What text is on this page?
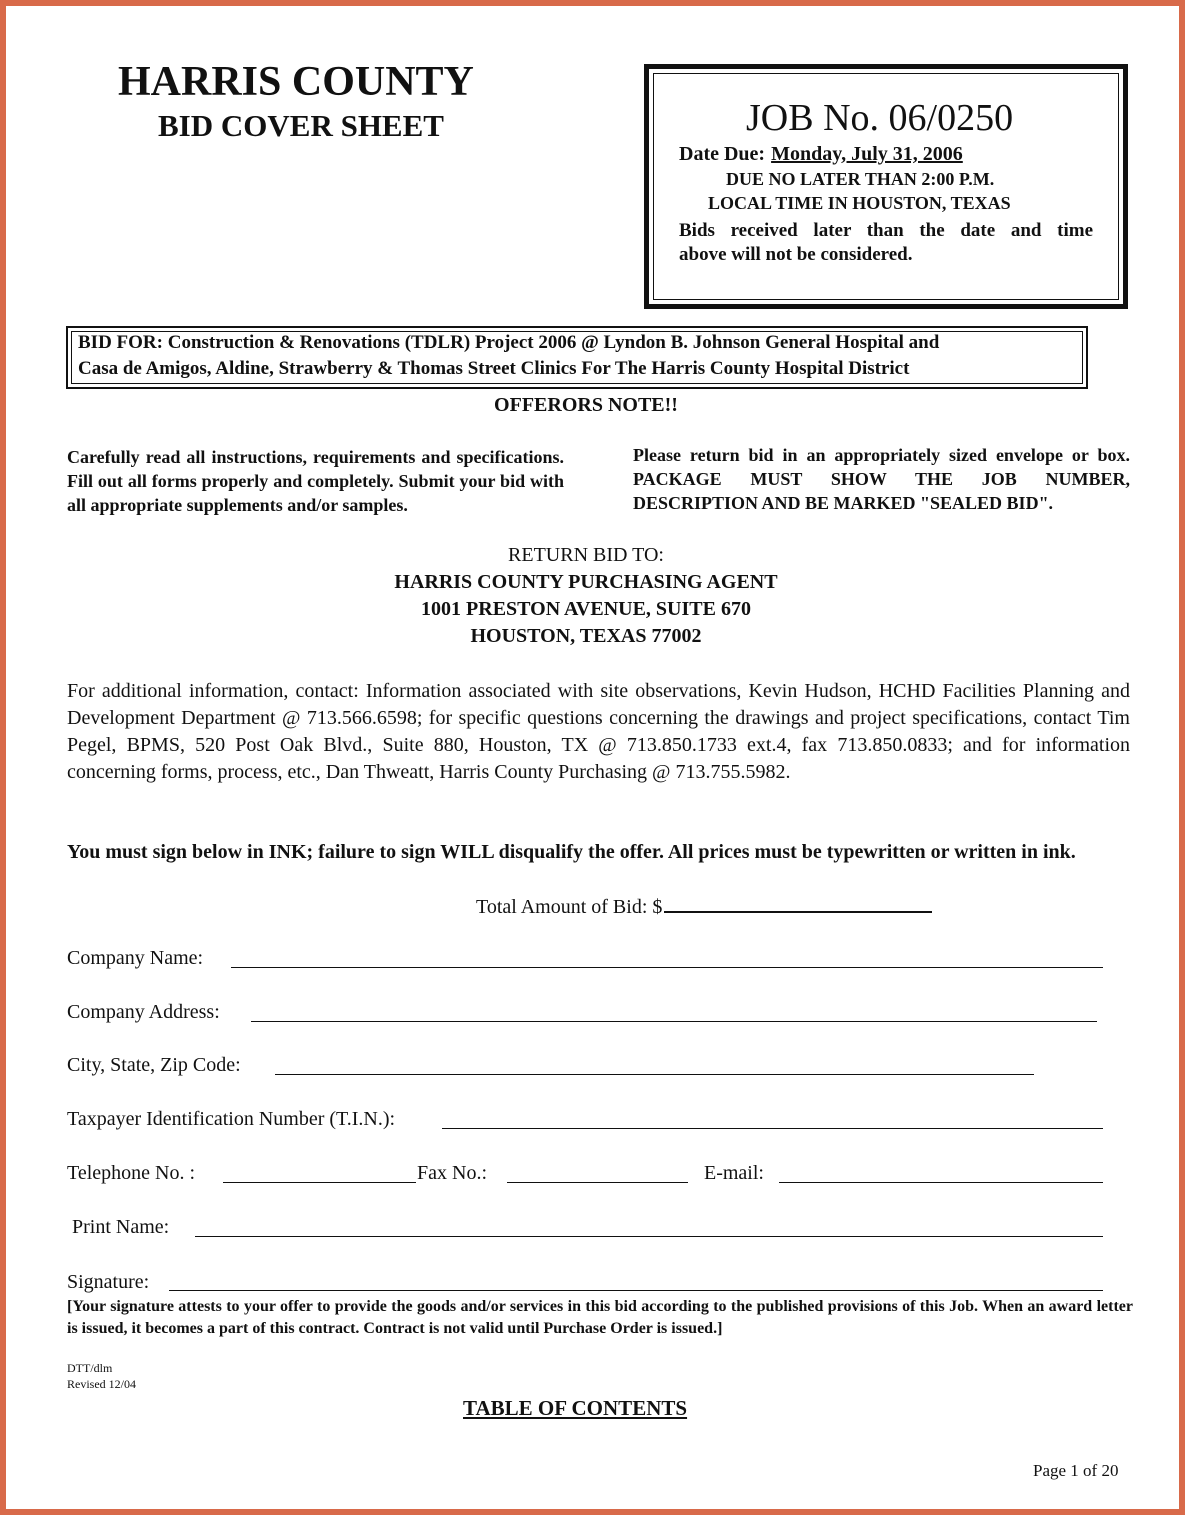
HARRIS COUNTY
BID COVER SHEET	JOB No. 06/0250
Date Due: Monday, July 31, 2006
DUE NO LATER THAN 2:00 P.M.
LOCAL TIME IN HOUSTON, TEXAS
Bids received later than the date and time
above will not be considered.
BID FOR: Construction & Renovations (TDLR) Project 2006 @ Lyndon B. Johnson General Hospital and
Casa de Amigos, Aldine, Strawberry & Thomas Street Clinics For The Harris County Hospital District
OFFERORS NOTE!!
Carefully read all instructions, requirements and specifications. Fill out all forms properly and completely. Submit your bid with all appropriate supplements and/or samples.
Please return bid in an appropriately sized envelope or box. PACKAGE MUST SHOW THE JOB NUMBER, DESCRIPTION AND BE MARKED "SEALED BID".
RETURN BID TO:
HARRIS COUNTY PURCHASING AGENT
1001 PRESTON AVENUE, SUITE 670
HOUSTON, TEXAS 77002
For additional information, contact: Information associated with site observations, Kevin Hudson, HCHD Facilities Planning and Development Department @ 713.566.6598; for specific questions concerning the drawings and project specifications, contact Tim Pegel, BPMS, 520 Post Oak Blvd., Suite 880, Houston, TX @ 713.850.1733 ext.4, fax 713.850.0833; and for information concerning forms, process, etc., Dan Thweatt, Harris County Purchasing @ 713.755.5982.
You must sign below in INK; failure to sign WILL disqualify the offer. All prices must be typewritten or written in ink.
Total Amount of Bid: $
Company Name:
Company Address:
City, State, Zip Code:
Taxpayer Identification Number (T.I.N.):
Telephone No. :	Fax No.:	E-mail:
Print Name:
Signature:
[Your signature attests to your offer to provide the goods and/or services in this bid according to the published provisions of this Job. When an award letter is issued, it becomes a part of this contract. Contract is not valid until Purchase Order is issued.]
DTT/dlm
Revised 12/04
TABLE OF CONTENTS
Page 1 of 20
